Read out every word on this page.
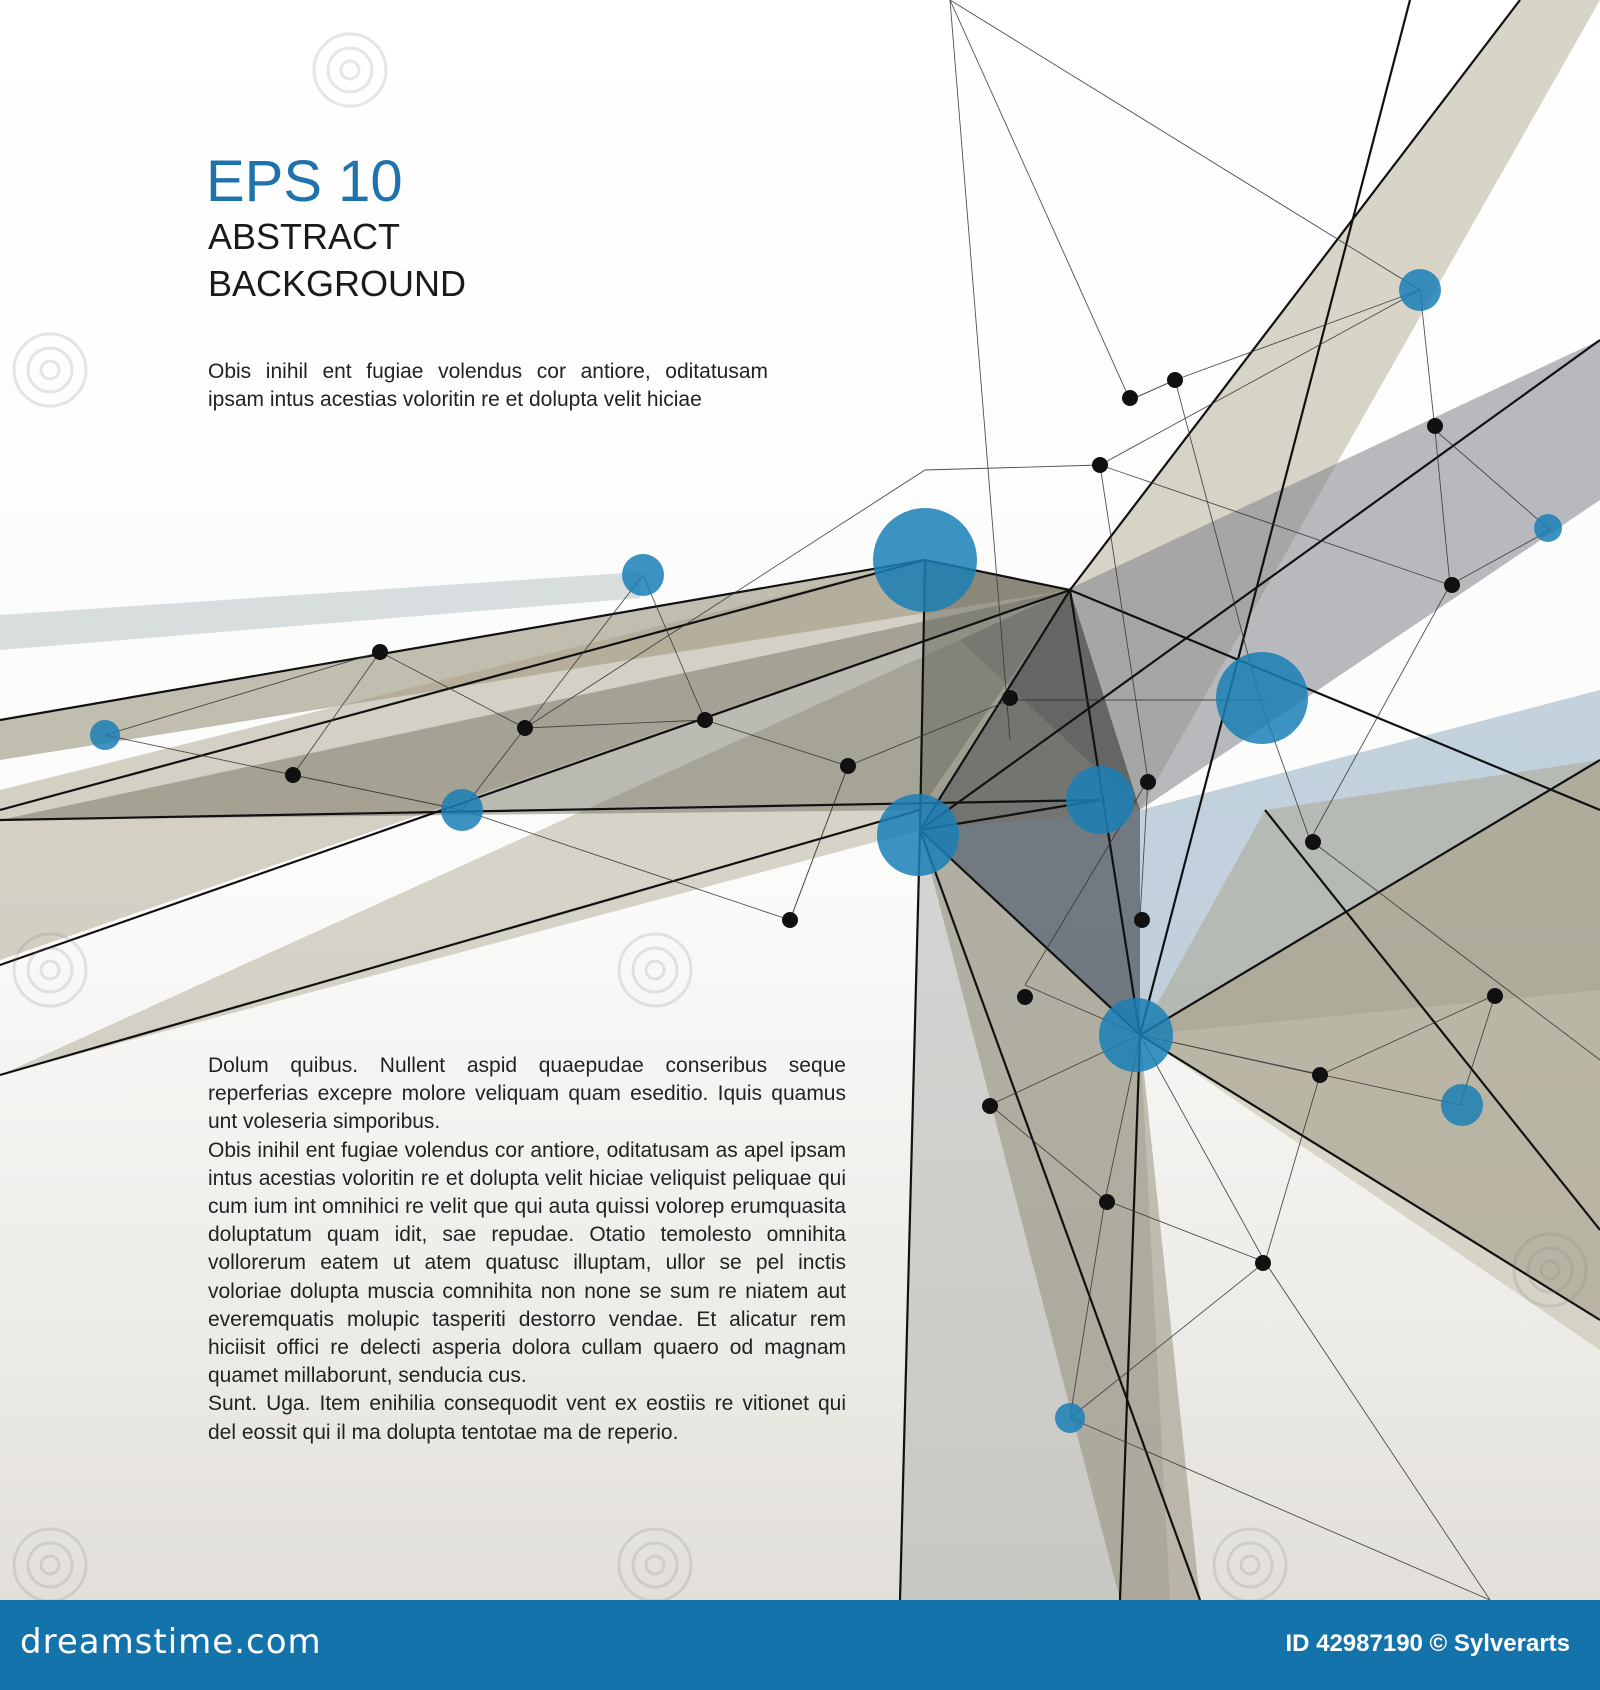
EPS 10
ABSTRACT
BACKGROUND
Obis inihil ent fugiae volendus cor antiore, oditatusam ipsam intus acestias voloritin re et dolupta velit hiciae

Dolum quibus. Nullent aspid quaepudae conseribus seque reperferias excepre molore veliquam quam eseditio. Iquis quamus unt voleseria simporibus.

Obis inihil ent fugiae volendus cor antiore, oditatusam as apel ipsam intus acestias voloritin re et dolupta velit hiciae veliquist peliquae qui cum ium int omnihici re velit que qui auta quissi volorep erumquasita doluptatum quam idit, sae repudae. Otatio temolesto omnihita vollorerum eatem ut atem quatusc illuptam, ullor se pel inctis voloriae dolupta muscia comnihita non none se sum re niatem aut everemquatis molupic tasperiti destorro vendae. Et alicatur rem hiciisit offici re delecti asperia dolora cullam quaero od magnam quamet millaborunt, senducia cus.

Sunt. Uga. Item enihilia consequodit vent ex eostiis re vitionet qui del eossit qui il ma dolupta tentotae ma de reperio.

dreamstime.com	ID 42987190 © Sylverarts
